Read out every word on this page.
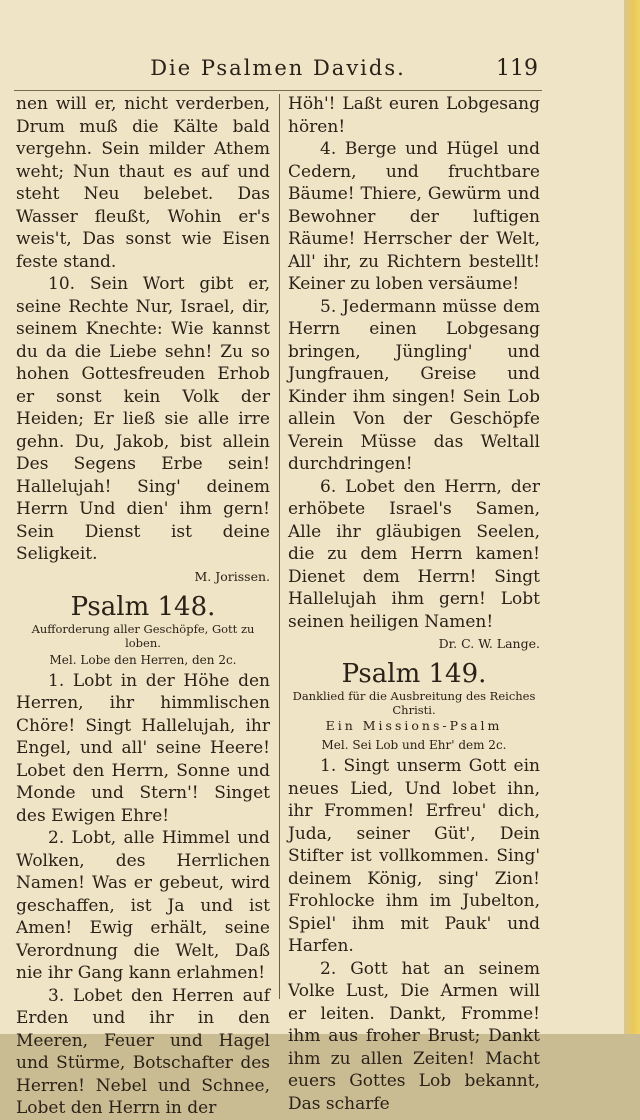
Die Psalmen Davids.	119

nen will er, nicht verderben, Drum muß die Kälte bald vergehn. Sein milder Athem weht; Nun thaut es auf und steht Neu belebet. Das Wasser fleußt, Wohin er's weis't, Das sonst wie Eisen feste stand.

10. Sein Wort gibt er, seine Rechte Nur, Israel, dir, seinem Knechte: Wie kannst du da die Liebe sehn! Zu so hohen Gottesfreuden Erhob er sonst kein Volk der Heiden; Er ließ sie alle irre gehn. Du, Jakob, bist allein Des Segens Erbe sein! Hallelujah! Sing' deinem Herrn Und dien' ihm gern! Sein Dienst ist deine Seligkeit.

M. Jorissen.

Psalm 148.

Aufforderung aller Geschöpfe, Gott zu loben.

Mel. Lobe den Herren, den 2c.

1. Lobt in der Höhe den Herren, ihr himmlischen Chöre! Singt Hallelujah, ihr Engel, und all' seine Heere! Lobet den Herrn, Sonne und Monde und Stern'! Singet des Ewigen Ehre!

2. Lobt, alle Himmel und Wolken, des Herrlichen Namen! Was er gebeut, wird geschaffen, ist Ja und ist Amen! Ewig erhält, seine Verordnung die Welt, Daß nie ihr Gang kann erlahmen!

3. Lobet den Herren auf Erden und ihr in den Meeren, Feuer und Hagel und Stürme, Botschafter des Herren! Nebel und Schnee, Lobet den Herrn in der

Höh'! Laßt euren Lobgesang hören!

4. Berge und Hügel und Cedern, und fruchtbare Bäume! Thiere, Gewürm und Bewohner der luftigen Räume! Herrscher der Welt, All' ihr, zu Richtern bestellt! Keiner zu loben versäume!

5. Jedermann müsse dem Herrn einen Lobgesang bringen, Jüngling' und Jungfrauen, Greise und Kinder ihm singen! Sein Lob allein Von der Geschöpfe Verein Müsse das Weltall durchdringen!

6. Lobet den Herrn, der erhöbete Israel's Samen, Alle ihr gläubigen Seelen, die zu dem Herrn kamen! Dienet dem Herrn! Singt Hallelujah ihm gern! Lobt seinen heiligen Namen!

Dr. C. W. Lange.

Psalm 149.

Danklied für die Ausbreitung des Reiches Christi.

Ein Missions-Psalm

Mel. Sei Lob und Ehr' dem 2c.

1. Singt unserm Gott ein neues Lied, Und lobet ihn, ihr Frommen! Erfreu' dich, Juda, seiner Güt', Dein Stifter ist vollkommen. Sing' deinem König, sing' Zion! Frohlocke ihm im Jubelton, Spiel' ihm mit Pauk' und Harfen.

2. Gott hat an seinem Volke Lust, Die Armen will er leiten. Dankt, Fromme! ihm aus froher Brust; Dankt ihm zu allen Zeiten! Macht euers Gottes Lob bekannt, Das scharfe
